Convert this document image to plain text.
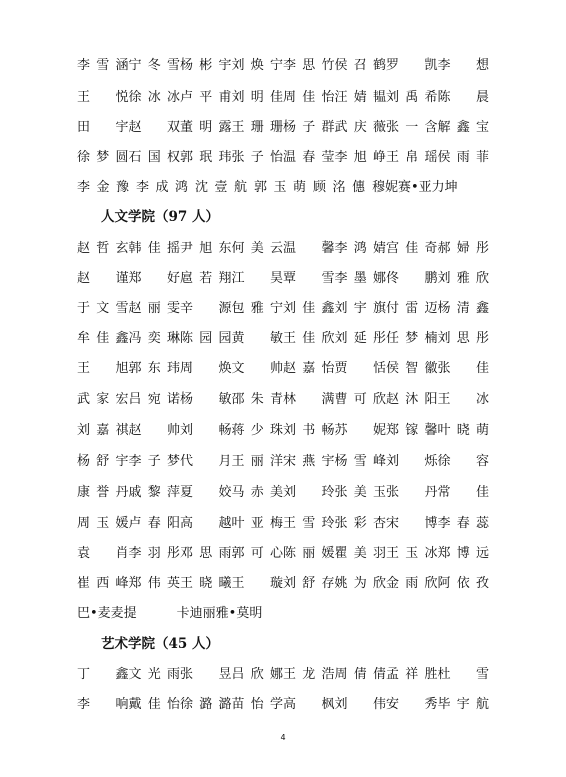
李雪涵 宁冬雪 杨彬宇 刘焕宁 李思竹 侯召鹤 罗　凯 李　想
王　悦 徐冰冰 卢平甫 刘明佳 周佳怡 汪婧韫 刘禹希 陈　晨
田　宇 赵　双 董明露 王珊珊 杨子群 武庆薇 张一含 解鑫宝
徐梦圆 石国权 郭珉玮 张子怡 温春莹 李旭峥 王帛瑶 侯雨菲
李金豫 李成鸿 沈壹航 郭玉萌 顾洺僡 穆妮赛•亚力坤
人文学院（97 人）
赵哲玄 韩佳摇 尹旭东 何美云 温　馨 李鸿婧 宫佳奇 郝婦彤
赵　谨 郑　好 扈若翔 江　昊 覃　雪 李墨娜 佟　鹏 刘雅欣
于文雪 赵丽雯 辛　源 包雅宁 刘佳鑫 刘宇旗 付雷迈 杨清鑫
牟佳鑫 冯奕琳 陈园园 黄　敏 王佳欣 刘延彤 任梦楠 刘思彤
王　旭 郭东玮 周　焕 文　帅 赵嘉怡 贾　恬 侯智徽 张　佳
武家宏 吕宛诺 杨　敏 邵朱青 林　满 曹可欣 赵沐阳 王　冰
刘嘉祺 赵　帅 刘　畅 蒋少珠 刘书畅 苏　妮 郑镓馨 叶晓萌
杨舒宇 李子梦 代　月 王丽洋 宋燕宇 杨雪峰 刘　烁 徐　容
康誉丹 戚黎萍 夏　姣 马赤美 刘　玲 张美玉 张　丹 常　佳
周玉媛 卢春阳 高　越 叶亚梅 王雪玲 张彩杏 宋　博 李春蕊
袁　肖 李羽彤 邓思雨 郭可心 陈丽媛 瞿美羽 王玉冰 郑博远
崔西峰 郑伟英 王晓曦 王　璇 刘舒存 姚为欣 金雨欣 阿依孜
巴•麦麦提	卡迪丽雅•莫明
艺术学院（45 人）
丁　鑫 文光雨 张　昱 吕欣娜 王龙浩 周倩倩 孟祥胜 杜　雪
李　响 戴佳怡 徐潞潞 苗怡学 高　枫 刘　伟 安　秀 毕宇航
4
